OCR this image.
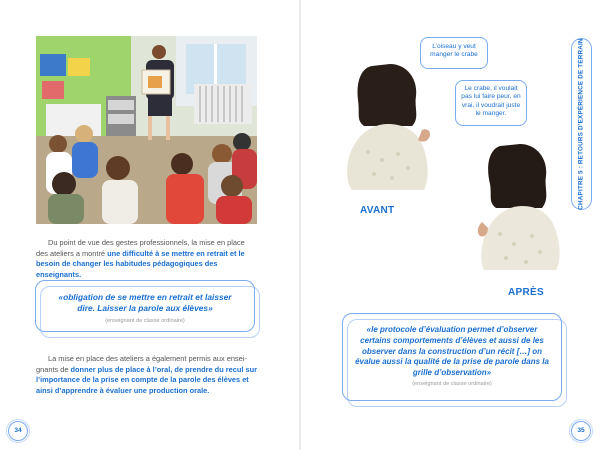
Du point de vue des gestes professionnels, la mise en place des ateliers a montré une difficulté à se mettre en retrait et le besoin de changer les habitudes pédagogiques des enseignants.
«obligation de se mettre en retrait et laisser dire. Laisser la parole aux élèves»
(enseignant de classe ordinaire)
La mise en place des ateliers a également permis aux enseignants de donner plus de place à l’oral, de prendre du recul sur l’importance de la prise en compte de la parole des élèves et ainsi d’apprendre à évaluer une production orale.
34
L’oiseau y veut manger le crabe
Le crabe, il voulait pas lui faire peur, en vrai, il voudrait juste le manger.
AVANT
APRÈS
«le protocole d’évaluation permet d’observer certains comportements d’élèves et aussi de les observer dans la construction d’un récit […] on évalue aussi la qualité de la prise de parole dans la grille d’observation»
(enseignant de classe ordinaire)
CHAPITRE 5 : RETOURS D’EXPÉRIENCE DE TERRAIN
35
